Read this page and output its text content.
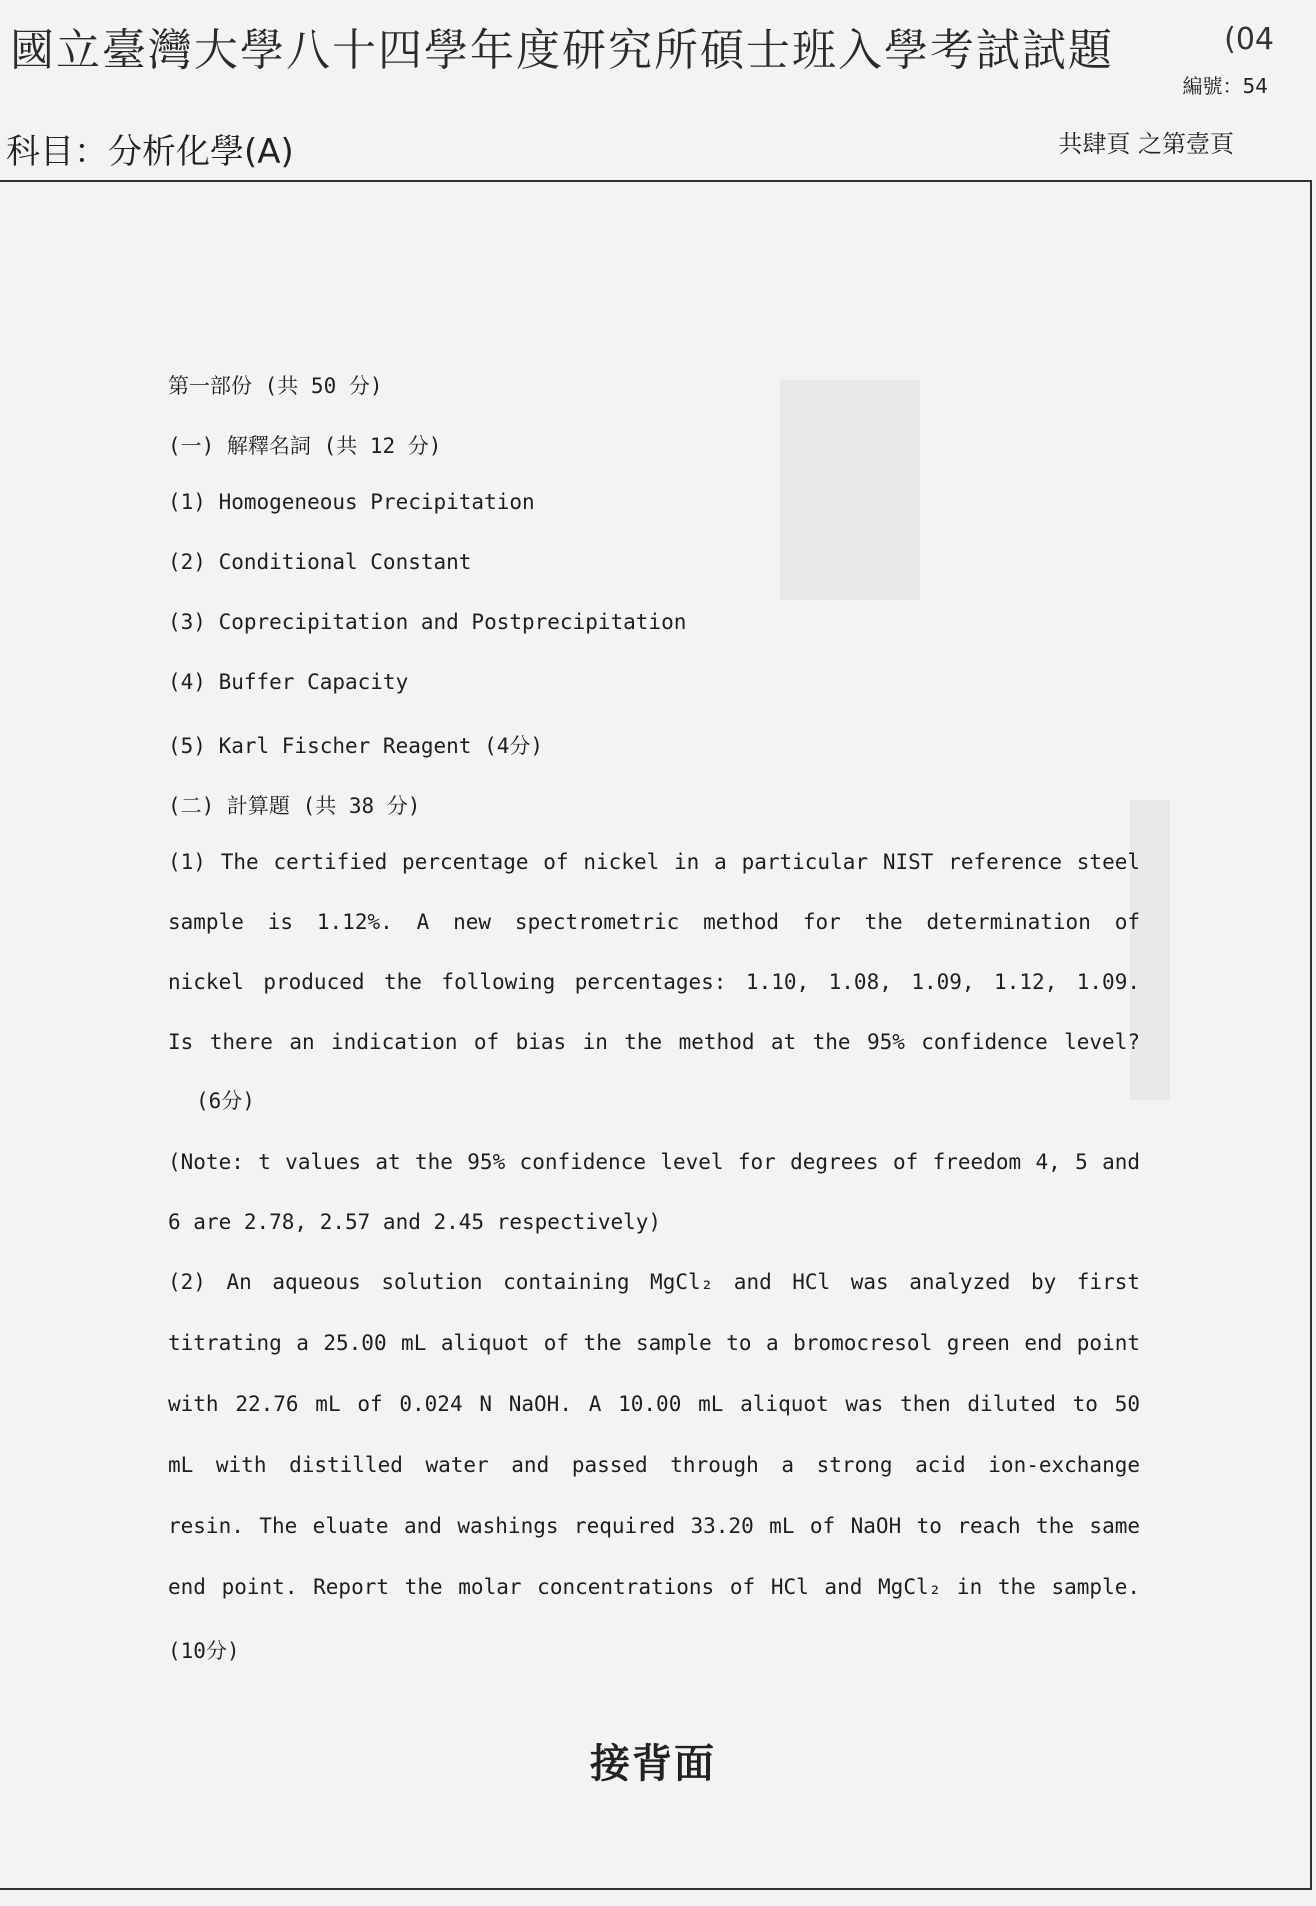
國立臺灣大學八十四學年度研究所碩士班入學考試試題	(04
編號：54
科目：分析化學(A)	共肆頁 之第壹頁
第一部份 (共 50 分)
(一) 解釋名詞 (共 12 分)
(1) Homogeneous Precipitation
(2) Conditional Constant
(3) Coprecipitation and Postprecipitation
(4) Buffer Capacity
(5) Karl Fischer Reagent (4分)
(二) 計算題 (共 38 分)
(1) The certified percentage of nickel in a particular NIST reference steel
sample is 1.12%. A new spectrometric method for the determination of
nickel produced the following percentages: 1.10, 1.08, 1.09, 1.12, 1.09.
Is there an indication of bias in the method at the 95% confidence level?
(6分)
(Note: t values at the 95% confidence level for degrees of freedom 4, 5 and
6 are 2.78, 2.57 and 2.45 respectively)
(2) An aqueous solution containing MgCl₂ and HCl was analyzed by first
titrating a 25.00 mL aliquot of the sample to a bromocresol green end point
with 22.76 mL of 0.024 N NaOH. A 10.00 mL aliquot was then diluted to 50
mL with distilled water and passed through a strong acid ion-exchange
resin. The eluate and washings required 33.20 mL of NaOH to reach the same
end point. Report the molar concentrations of HCl and MgCl₂ in the sample.
(10分)
接背面
